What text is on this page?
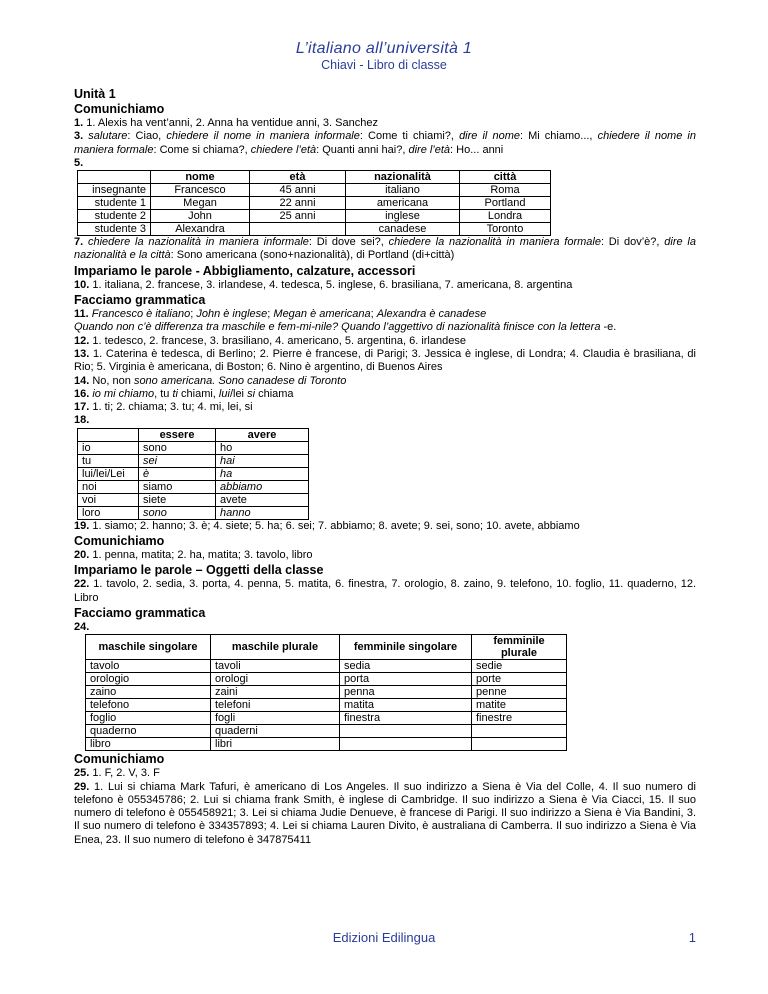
L’italiano all’università 1
Chiavi - Libro di classe
Unità 1
Comunichiamo

1. 1. Alexis ha vent’anni, 2. Anna ha ventidue anni, 3. Sanchez

3. salutare: Ciao, chiedere il nome in maniera informale: Come ti chiami?, dire il nome: Mi chiamo..., chiedere il nome in maniera formale: Come si chiama?, chiedere l’età: Quanti anni hai?, dire l’età: Ho... anni

5.

	nome	età	nazionalità	città
insegnante	Francesco	45 anni	italiano	Roma
studente 1	Megan	22 anni	americana	Portland
studente 2	John	25 anni	inglese	Londra
studente 3	Alexandra		canadese	Toronto

7. chiedere la nazionalità in maniera informale: Di dove sei?, chiedere la nazionalità in maniera formale: Di dov’è?, dire la nazionalità e la città: Sono americana (sono+nazionalità), di Portland (di+città)

Impariamo le parole - Abbigliamento, calzature, accessori

10. 1. italiana, 2. francese, 3. irlandese, 4. tedesca, 5. inglese, 6. brasiliana, 7. americana, 8. argentina

Facciamo grammatica

11. Francesco è italiano; John è inglese; Megan è americana; Alexandra è canadese

Quando non c’è differenza tra maschile e fem-mi-nile? Quando l’aggettivo di nazionalità finisce con la lettera -e.

12. 1. tedesco, 2. francese, 3. brasiliano, 4. americano, 5. argentina, 6. irlandese

13. 1. Caterina è tedesca, di Berlino; 2. Pierre è francese, di Parigi; 3. Jessica è inglese, di Londra; 4. Claudia è brasiliana, di Rio; 5. Virginia è americana, di Boston; 6. Nino è argentino, di Buenos Aires

14. No, non sono americana. Sono canadese di Toronto

16. io mi chiamo, tu ti chiami, lui/lei si chiama

17. 1. ti; 2. chiama; 3. tu; 4. mi, lei, si

18.

	essere	avere
io	sono	ho
tu	sei	hai
lui/lei/Lei	è	ha
noi	siamo	abbiamo
voi	siete	avete
loro	sono	hanno

19. 1. siamo; 2. hanno; 3. è; 4. siete; 5. ha; 6. sei; 7. abbiamo; 8. avete; 9. sei, sono; 10. avete, abbiamo

Comunichiamo

20. 1. penna, matita; 2. ha, matita; 3. tavolo, libro

Impariamo le parole – Oggetti della classe

22. 1. tavolo, 2. sedia, 3. porta, 4. penna, 5. matita, 6. finestra, 7. orologio, 8. zaino, 9. telefono, 10. foglio, 11. quaderno, 12. Libro

Facciamo grammatica

24.

maschile singolare	maschile plurale	femminile singolare	femminile plurale
tavolo	tavoli	sedia	sedie
orologio	orologi	porta	porte
zaino	zaini	penna	penne
telefono	telefoni	matita	matite
foglio	fogli	finestra	finestre
quaderno	quaderni		
libro	libri		
Comunichiamo

25. 1. F, 2. V, 3. F

29. 1. Lui si chiama Mark Tafuri, è americano di Los Angeles. Il suo indirizzo a Siena è Via del Colle, 4. Il suo numero di telefono è 055345786; 2. Lui si chiama frank Smith, è inglese di Cambridge. Il suo indirizzo a Siena è Via Ciacci, 15. Il suo numero di telefono è 055458921; 3. Lei si chiama Judie Denueve, è francese di Parigi. Il suo indirizzo a Siena è Via Bandini, 3. Il suo numero di telefono è 334357893; 4. Lei si chiama Lauren Divito, è australiana di Camberra. Il suo indirizzo a Siena è Via Enea, 23. Il suo numero di telefono è 347875411

Edizioni Edilingua	1
